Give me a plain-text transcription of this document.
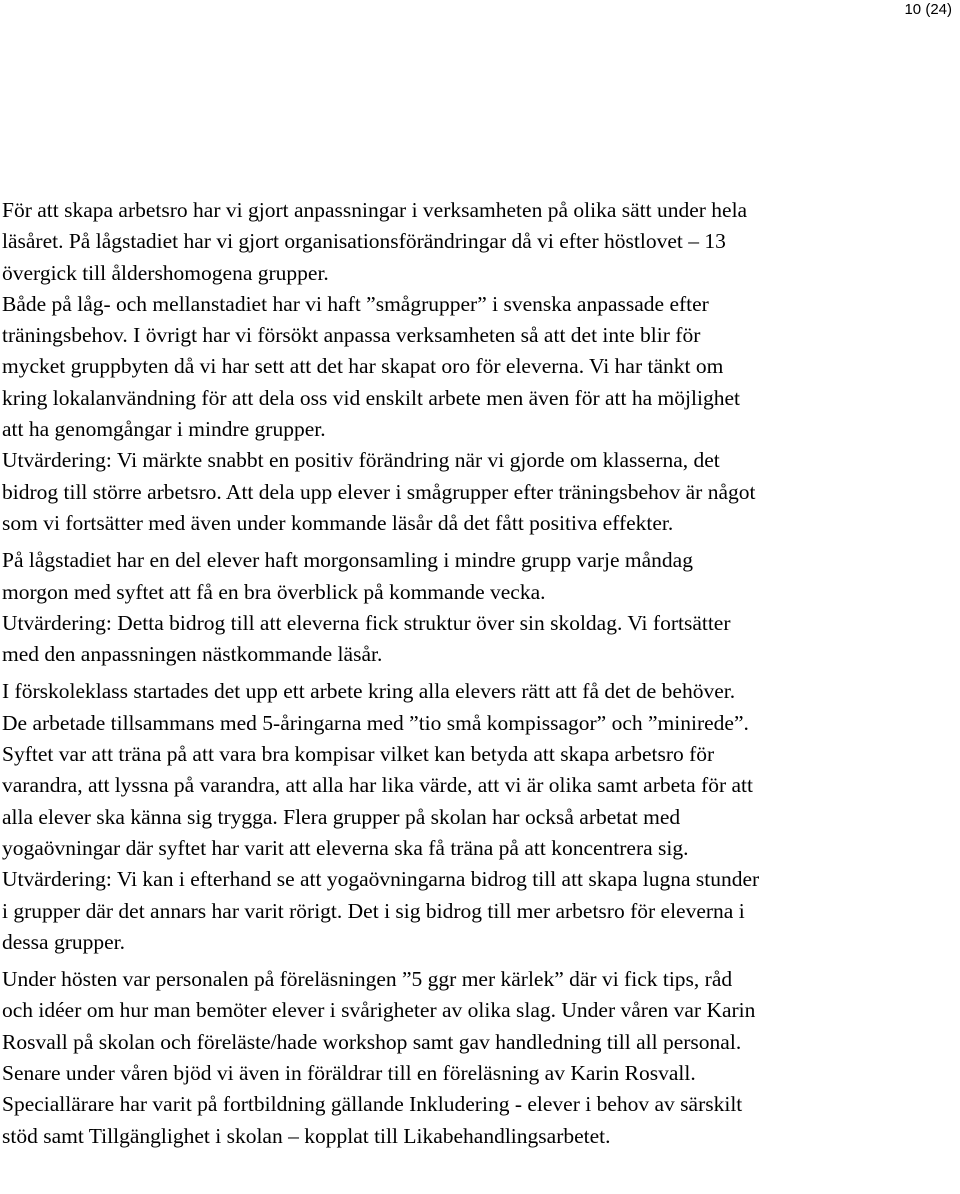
10 (24)
För att skapa arbetsro har vi gjort anpassningar i verksamheten på olika sätt under hela
läsåret. På lågstadiet har vi gjort organisationsförändringar då vi efter höstlovet – 13
övergick till åldershomogena grupper.
Både på låg- och mellanstadiet har vi haft ”smågrupper” i svenska anpassade efter
träningsbehov. I övrigt har vi försökt anpassa verksamheten så att det inte blir för
mycket gruppbyten då vi har sett att det har skapat oro för eleverna. Vi har tänkt om
kring lokalanvändning för att dela oss vid enskilt arbete men även för att ha möjlighet
att ha genomgångar i mindre grupper.
Utvärdering: Vi märkte snabbt en positiv förändring när vi gjorde om klasserna, det
bidrog till större arbetsro. Att dela upp elever i smågrupper efter träningsbehov är något
som vi fortsätter med även under kommande läsår då det fått positiva effekter.
På lågstadiet har en del elever haft morgonsamling i mindre grupp varje måndag
morgon med syftet att få en bra överblick på kommande vecka.
Utvärdering: Detta bidrog till att eleverna fick struktur över sin skoldag. Vi fortsätter
med den anpassningen nästkommande läsår.
I förskoleklass startades det upp ett arbete kring alla elevers rätt att få det de behöver.
De arbetade tillsammans med 5-åringarna med ”tio små kompissagor” och ”minirede”.
Syftet var att träna på att vara bra kompisar vilket kan betyda att skapa arbetsro för
varandra, att lyssna på varandra, att alla har lika värde, att vi är olika samt arbeta för att
alla elever ska känna sig trygga. Flera grupper på skolan har också arbetat med
yogaövningar där syftet har varit att eleverna ska få träna på att koncentrera sig.
Utvärdering: Vi kan i efterhand se att yogaövningarna bidrog till att skapa lugna stunder
i grupper där det annars har varit rörigt. Det i sig bidrog till mer arbetsro för eleverna i
dessa grupper.
Under hösten var personalen på föreläsningen ”5 ggr mer kärlek” där vi fick tips, råd
och idéer om hur man bemöter elever i svårigheter av olika slag. Under våren var Karin
Rosvall på skolan och föreläste/hade workshop samt gav handledning till all personal.
Senare under våren bjöd vi även in föräldrar till en föreläsning av Karin Rosvall.
Speciallärare har varit på fortbildning gällande Inkludering - elever i behov av särskilt
stöd samt Tillgänglighet i skolan – kopplat till Likabehandlingsarbetet.
